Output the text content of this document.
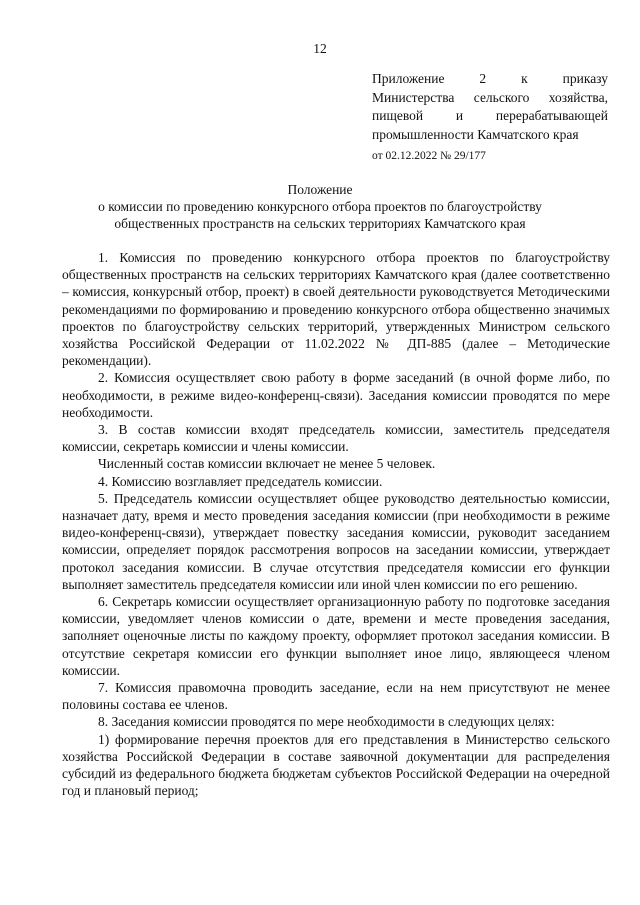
12
Приложение 2 к приказу
Министерства сельского хозяйства,
пищевой и перерабатывающей
промышленности Камчатского края
от 02.12.2022 № 29/177
Положение
о комиссии по проведению конкурсного отбора проектов по благоустройству
общественных пространств на сельских территориях Камчатского края

1. Комиссия по проведению конкурсного отбора проектов по благоустройству общественных пространств на сельских территориях Камчатского края (далее соответственно – комиссия, конкурсный отбор, проект) в своей деятельности руководствуется Методическими рекомендациями по формированию и проведению конкурсного отбора общественно значимых проектов по благоустройству сельских территорий, утвержденных Министром сельского хозяйства Российской Федерации от 11.02.2022 № ДП-885 (далее – Методические рекомендации).

2. Комиссия осуществляет свою работу в форме заседаний (в очной форме либо, по необходимости, в режиме видео-конференц-связи). Заседания комиссии проводятся по мере необходимости.

3. В состав комиссии входят председатель комиссии, заместитель председателя комиссии, секретарь комиссии и члены комиссии.

Численный состав комиссии включает не менее 5 человек.

4. Комиссию возглавляет председатель комиссии.

5. Председатель комиссии осуществляет общее руководство деятельностью комиссии, назначает дату, время и место проведения заседания комиссии (при необходимости в режиме видео-конференц-связи), утверждает повестку заседания комиссии, руководит заседанием комиссии, определяет порядок рассмотрения вопросов на заседании комиссии, утверждает протокол заседания комиссии. В случае отсутствия председателя комиссии его функции выполняет заместитель председателя комиссии или иной член комиссии по его решению.

6. Секретарь комиссии осуществляет организационную работу по подготовке заседания комиссии, уведомляет членов комиссии о дате, времени и месте проведения заседания, заполняет оценочные листы по каждому проекту, оформляет протокол заседания комиссии. В отсутствие секретаря комиссии его функции выполняет иное лицо, являющееся членом комиссии.

7. Комиссия правомочна проводить заседание, если на нем присутствуют не менее половины состава ее членов.

8. Заседания комиссии проводятся по мере необходимости в следующих целях:

1) формирование перечня проектов для его представления в Министерство сельского хозяйства Российской Федерации в составе заявочной документации для распределения субсидий из федерального бюджета бюджетам субъектов Российской Федерации на очередной год и плановый период;
